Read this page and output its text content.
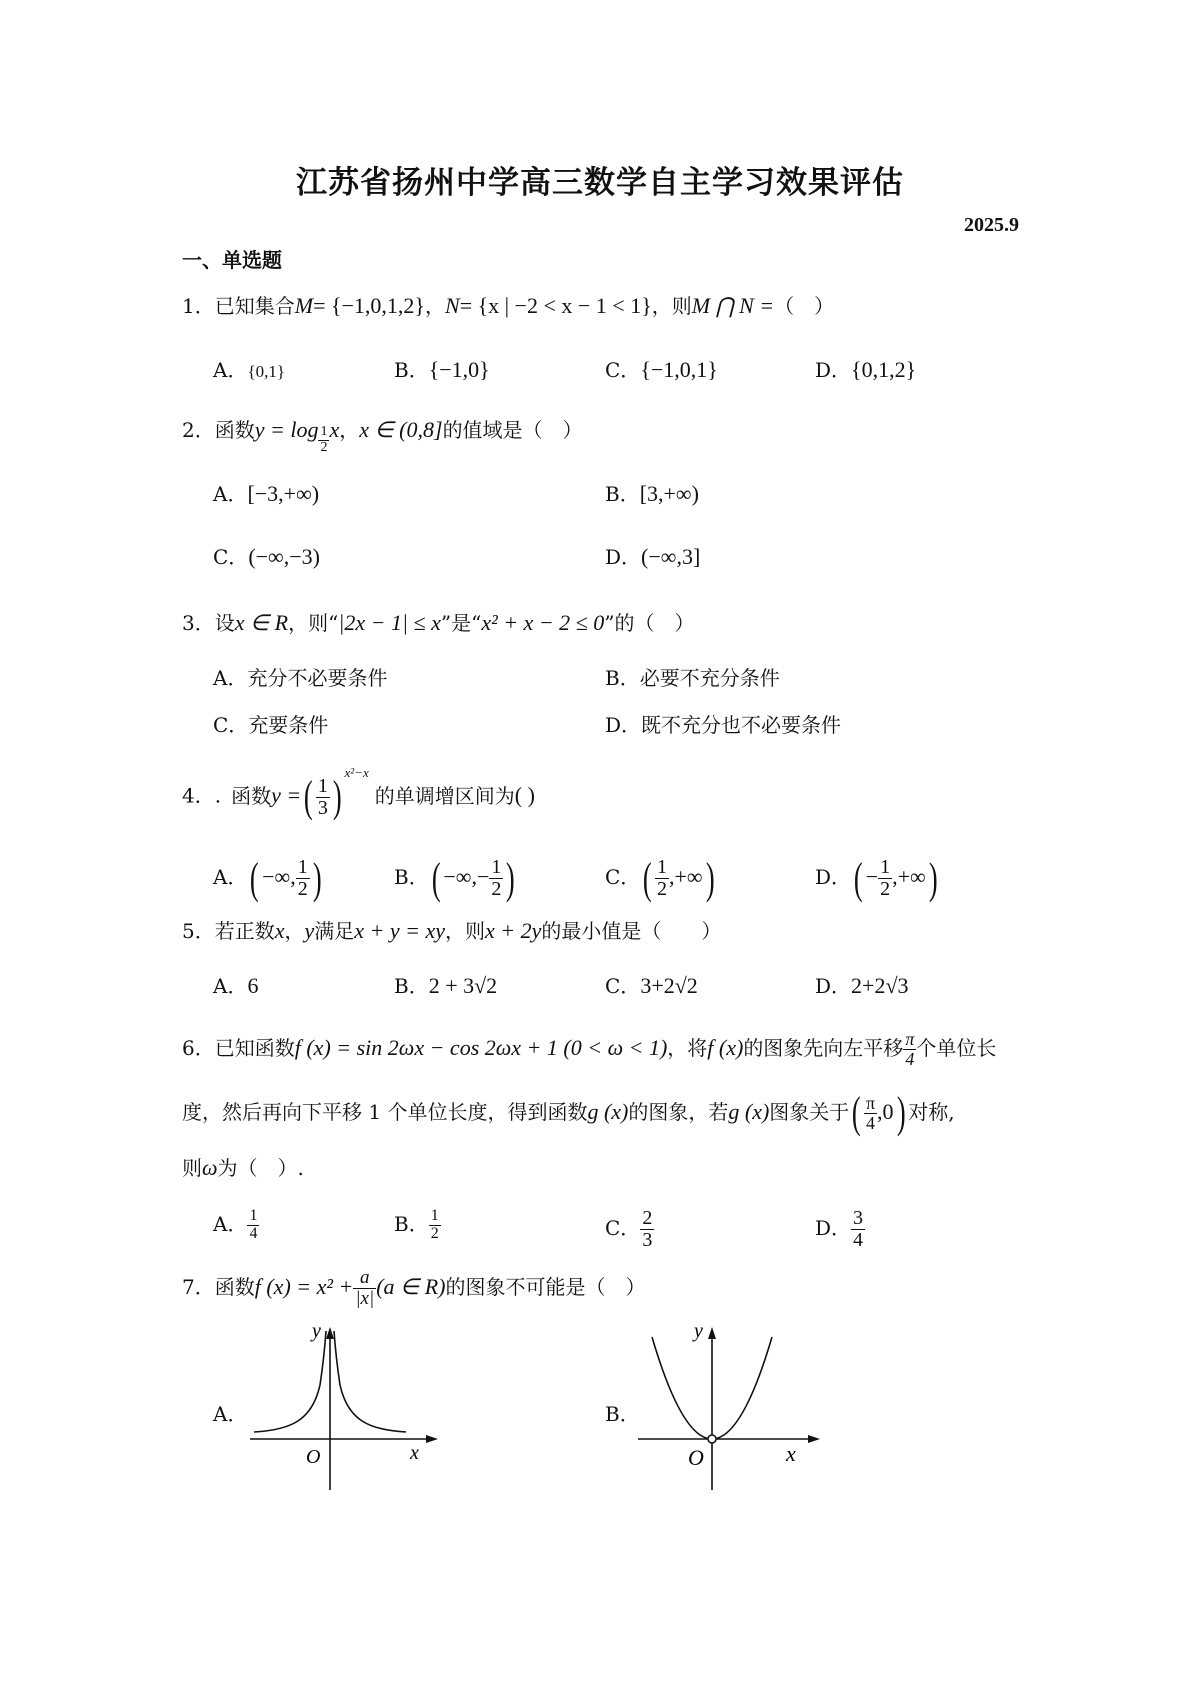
江苏省扬州中学高三数学自主学习效果评估
2025.9
一、单选题
1．已知集合M= {−1,0,1,2}，N= {x | −2 < x − 1 < 1}，则M ⋂ N =（　）
A．{0,1}	B．{−1,0}	C．{−1,0,1}	D．{0,1,2}
2．函数$y = \log \frac{1}{2}$ x，x ∈ (0,8]的值域是（　）
A．[−3,+∞)	B．[3,+∞)
C．(−∞,−3)	D．(−∞,3]
3．设x ∈ R，则“|2x − 1| ≤ x”是“x² + x − 2 ≤ 0”的（　）
A．充分不必要条件	B．必要不充分条件
C．充要条件	D．既不充分也不必要条件
4．. 函数y =( $\frac{1}{3}$ ) $^{x^2-x}$的单调增区间为( )
A．( −∞, $\frac{1}{2}$ )	B．( −∞,− $\frac{1}{2}$ )	C．( $\frac{1}{2}$ ,+∞)	D．( − $\frac{1}{2}$ ,+∞)
5．若正数x，y满足x + y = xy，则x + 2y的最小值是（　　）
A．6	B．2 + 3√2	C．3+2√2	D．2+2√3
6．已知函数f (x) = sin 2ωx − cos 2ωx + 1 (0 < ω < 1)，将f (x)的图象先向左平移 $\frac{\pi}{4}$ 个单位长
度，然后再向下平移 1 个单位长度，得到函数g (x)的图象，若g (x)图象关于( $\frac{\pi}{4} ,0$) 对称,
则ω为（　）.
A． $\frac{1}{4}$	B． $\frac{1}{2}$	C． $\frac{2}{3}$	D． $\frac{3}{4}$
7．函数f $(x) = x^2 + \frac{a}{|x|} (a$ ∈ R)的图象不可能是（　）
A．	B．
y
x
O
y
x
O
